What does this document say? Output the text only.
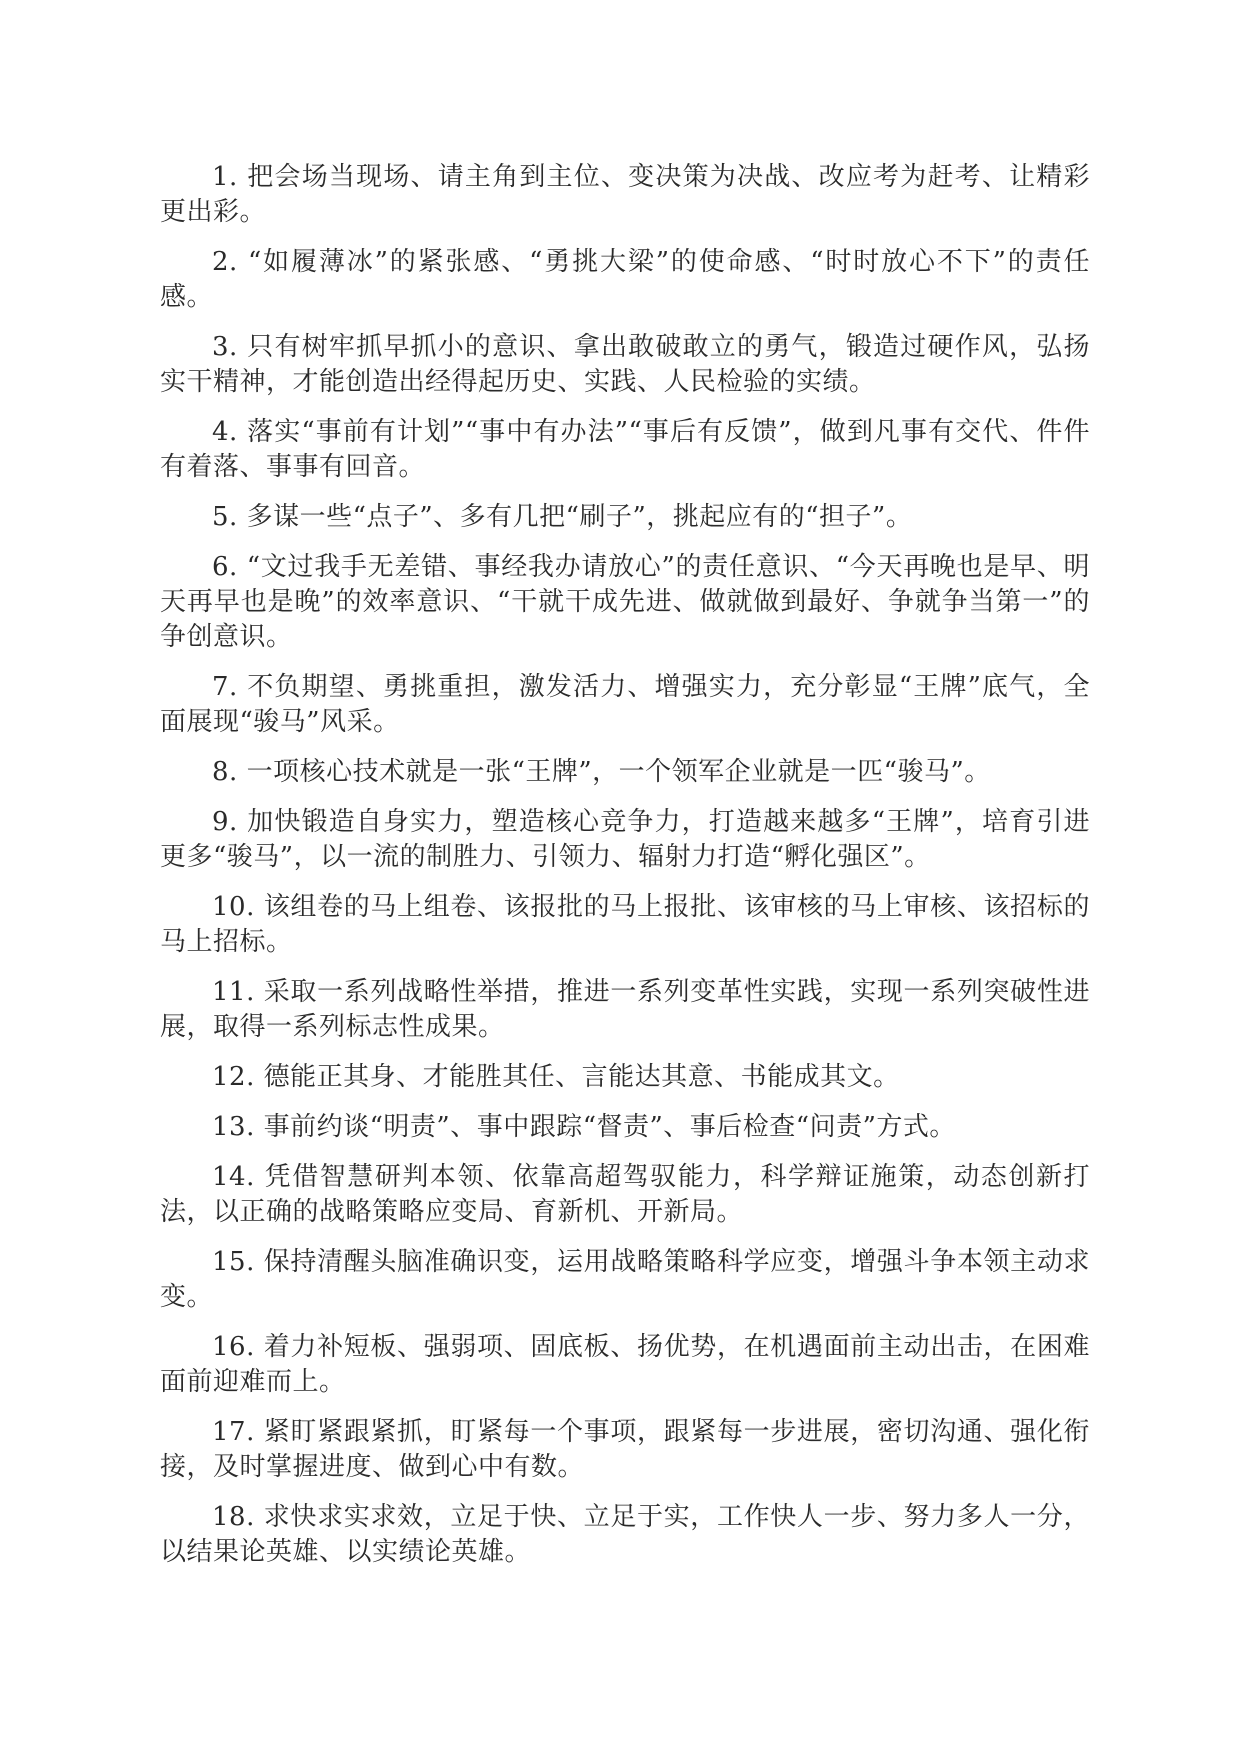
1. 把会场当现场、请主角到主位、变决策为决战、改应考为赶考、让精彩更出彩。

2. “如履薄冰”的紧张感、“勇挑大梁”的使命感、“时时放心不下”的责任感。

3. 只有树牢抓早抓小的意识、拿出敢破敢立的勇气，锻造过硬作风，弘扬实干精神，才能创造出经得起历史、实践、人民检验的实绩。

4. 落实“事前有计划”“事中有办法”“事后有反馈”，做到凡事有交代、件件有着落、事事有回音。

5. 多谋一些“点子”、多有几把“刷子”，挑起应有的“担子”。

6. “文过我手无差错、事经我办请放心”的责任意识、“今天再晚也是早、明天再早也是晚”的效率意识、“干就干成先进、做就做到最好、争就争当第一”的争创意识。

7. 不负期望、勇挑重担，激发活力、增强实力，充分彰显“王牌”底气，全面展现“骏马”风采。

8. 一项核心技术就是一张“王牌”，一个领军企业就是一匹“骏马”。

9. 加快锻造自身实力，塑造核心竞争力，打造越来越多“王牌”，培育引进更多“骏马”，以一流的制胜力、引领力、辐射力打造“孵化强区”。

10. 该组卷的马上组卷、该报批的马上报批、该审核的马上审核、该招标的马上招标。

11. 采取一系列战略性举措，推进一系列变革性实践，实现一系列突破性进展，取得一系列标志性成果。

12. 德能正其身、才能胜其任、言能达其意、书能成其文。

13. 事前约谈“明责”、事中跟踪“督责”、事后检查“问责”方式。

14. 凭借智慧研判本领、依靠高超驾驭能力，科学辩证施策，动态创新打法，以正确的战略策略应变局、育新机、开新局。

15. 保持清醒头脑准确识变，运用战略策略科学应变，增强斗争本领主动求变。

16. 着力补短板、强弱项、固底板、扬优势，在机遇面前主动出击，在困难面前迎难而上。

17. 紧盯紧跟紧抓，盯紧每一个事项，跟紧每一步进展，密切沟通、强化衔接，及时掌握进度、做到心中有数。

18. 求快求实求效，立足于快、立足于实，工作快人一步、努力多人一分，以结果论英雄、以实绩论英雄。
